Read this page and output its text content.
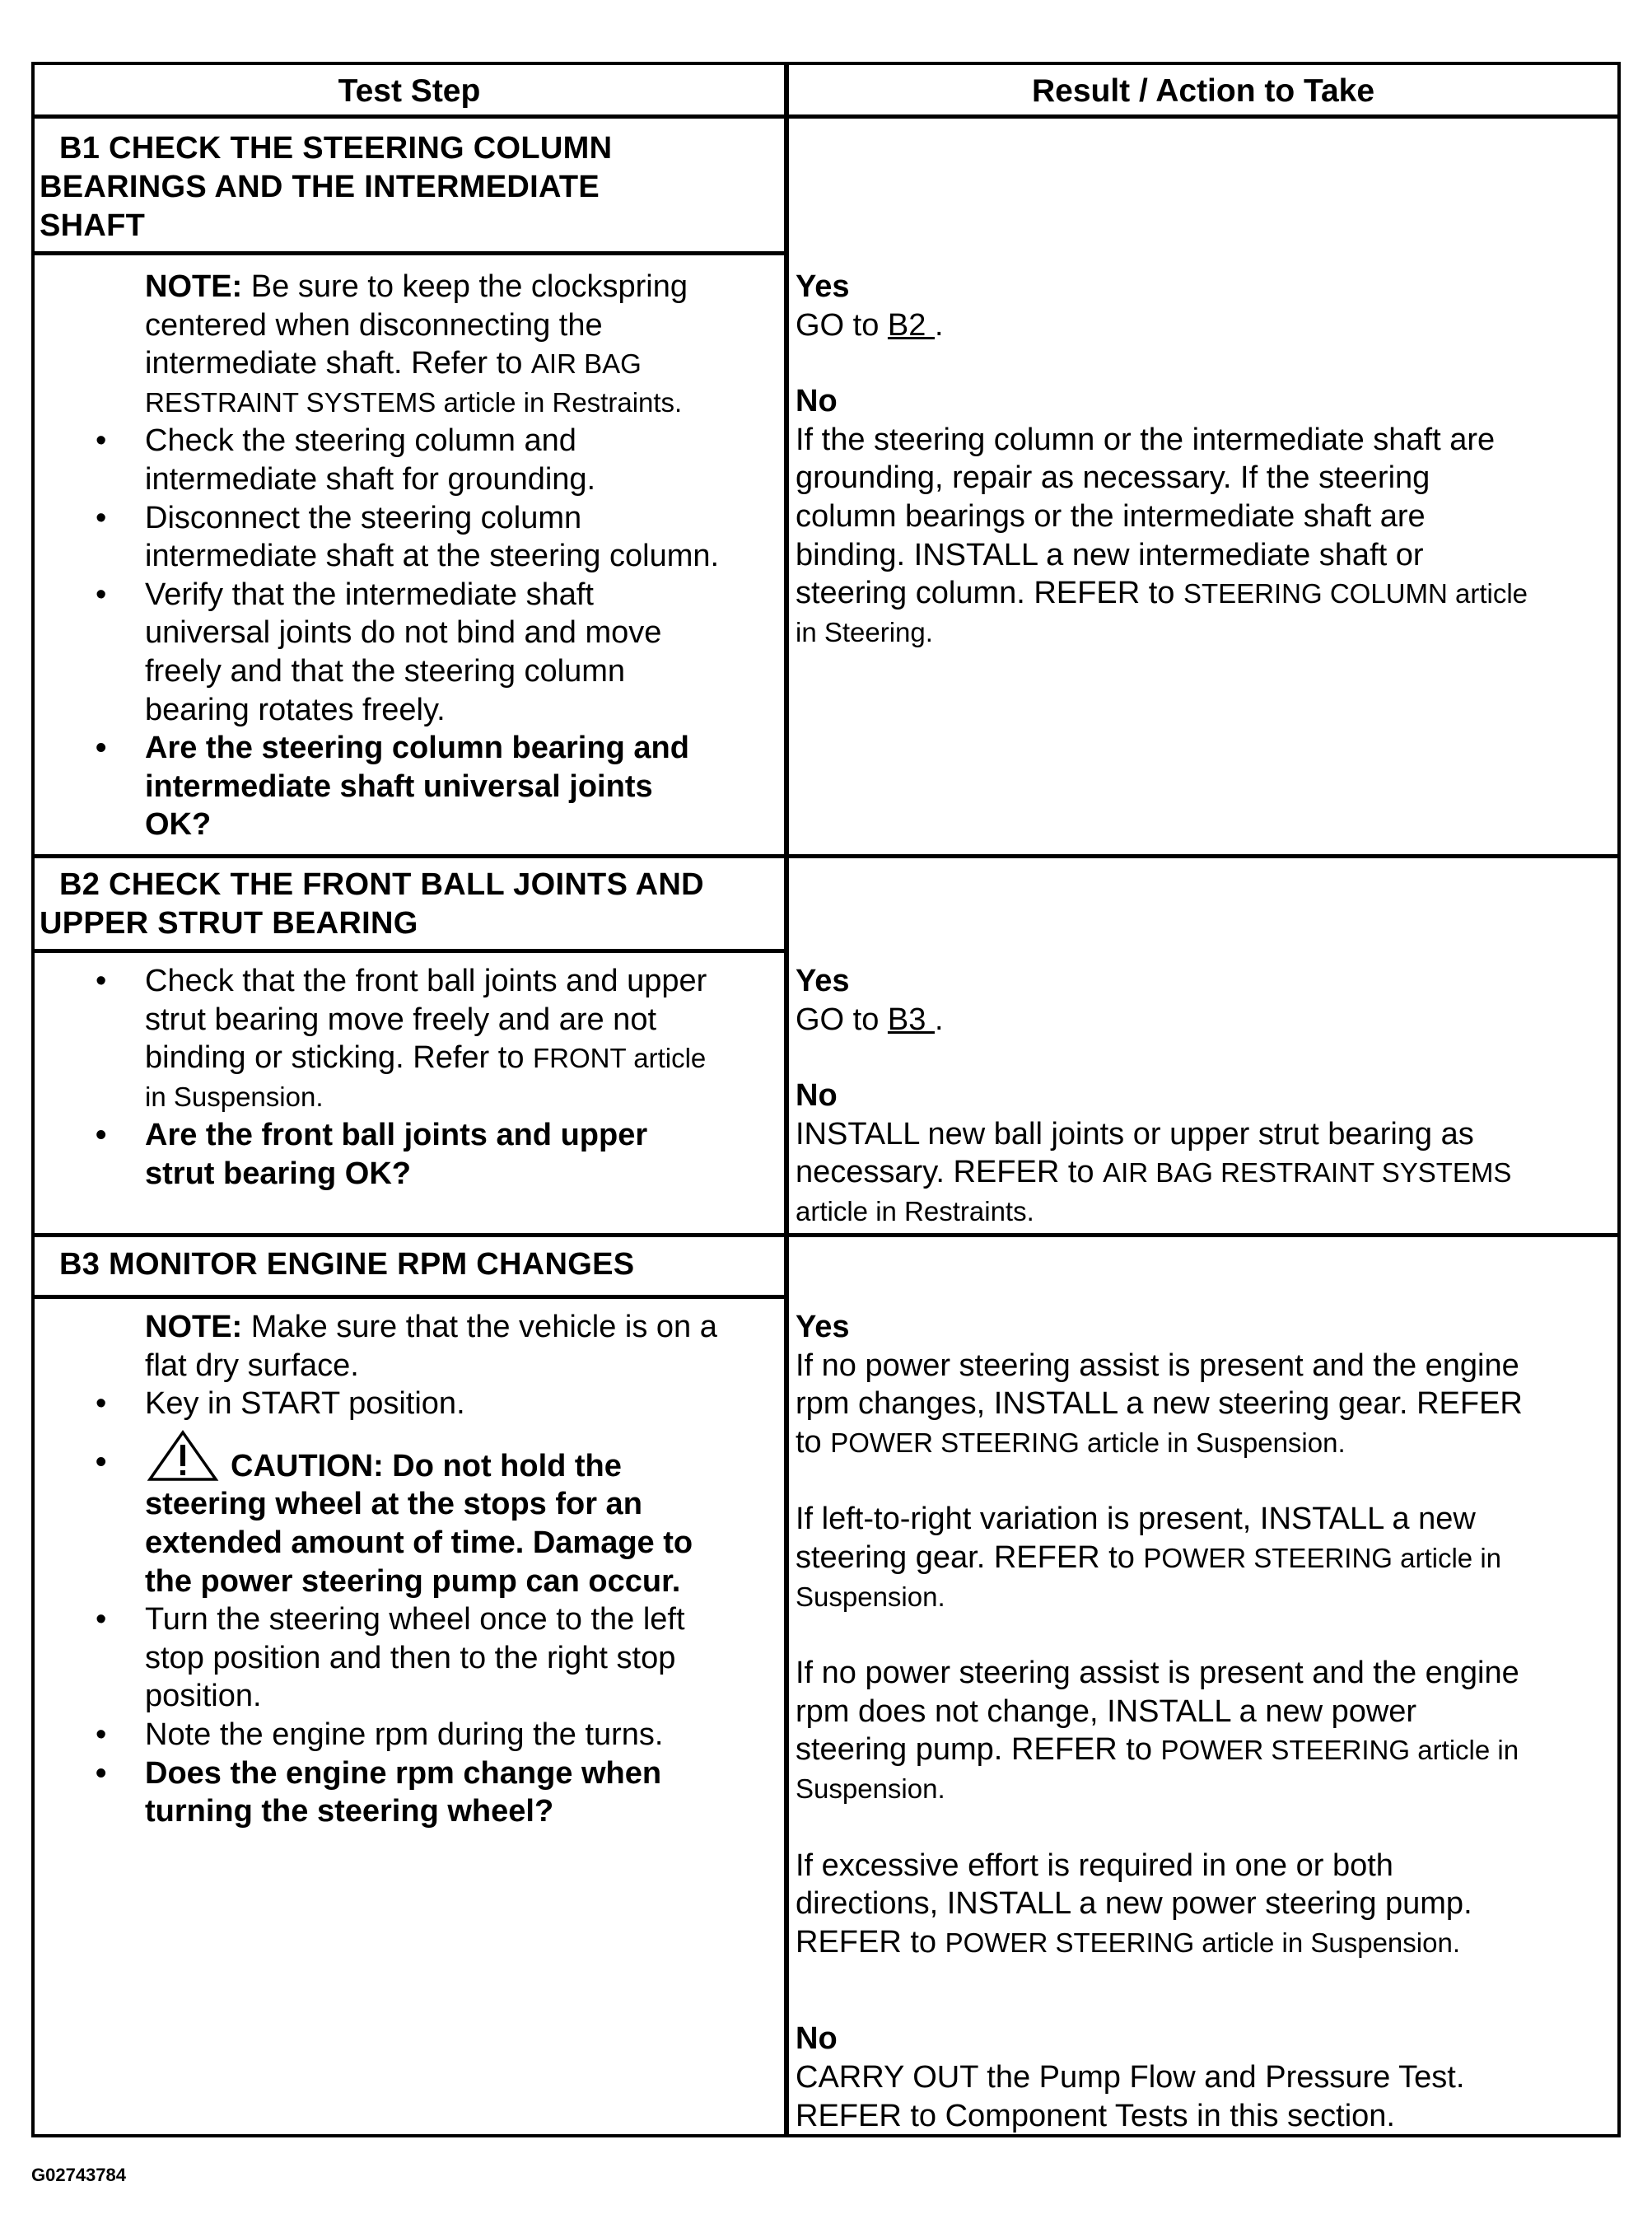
Test Step	Result / Action to Take
B1 CHECK THE STEERING COLUMN
BEARINGS AND THE INTERMEDIATE
SHAFT
NOTE: Be sure to keep the clockspring
centered when disconnecting the
intermediate shaft. Refer to AIR BAG
RESTRAINT SYSTEMS article in Restraints.
• Check the steering column and
intermediate shaft for grounding.
• Disconnect the steering column
intermediate shaft at the steering column.
• Verify that the intermediate shaft
universal joints do not bind and move
freely and that the steering column
bearing rotates freely.
• Are the steering column bearing and
intermediate shaft universal joints
OK?
Yes
GO to B2 .
No
If the steering column or the intermediate shaft are
grounding, repair as necessary. If the steering
column bearings or the intermediate shaft are
binding. INSTALL a new intermediate shaft or
steering column. REFER to STEERING COLUMN article
in Steering.
B2 CHECK THE FRONT BALL JOINTS AND
UPPER STRUT BEARING
• Check that the front ball joints and upper
strut bearing move freely and are not
binding or sticking. Refer to FRONT article
in Suspension.
• Are the front ball joints and upper
strut bearing OK?
Yes
GO to B3 .
No
INSTALL new ball joints or upper strut bearing as
necessary. REFER to AIR BAG RESTRAINT SYSTEMS
article in Restraints.
B3 MONITOR ENGINE RPM CHANGES
NOTE: Make sure that the vehicle is on a
flat dry surface.
• Key in START position.
•	CAUTION: Do not hold the
steering wheel at the stops for an
extended amount of time. Damage to
the power steering pump can occur.
• Turn the steering wheel once to the left
stop position and then to the right stop
position.
• Note the engine rpm during the turns.
• Does the engine rpm change when
turning the steering wheel?
Yes
If no power steering assist is present and the engine
rpm changes, INSTALL a new steering gear. REFER
to POWER STEERING article in Suspension.
If left-to-right variation is present, INSTALL a new
steering gear. REFER to POWER STEERING article in
Suspension.
If no power steering assist is present and the engine
rpm does not change, INSTALL a new power
steering pump. REFER to POWER STEERING article in
Suspension.
If excessive effort is required in one or both
directions, INSTALL a new power steering pump.
REFER to POWER STEERING article in Suspension.
No
CARRY OUT the Pump Flow and Pressure Test.
REFER to Component Tests in this section.
G02743784
